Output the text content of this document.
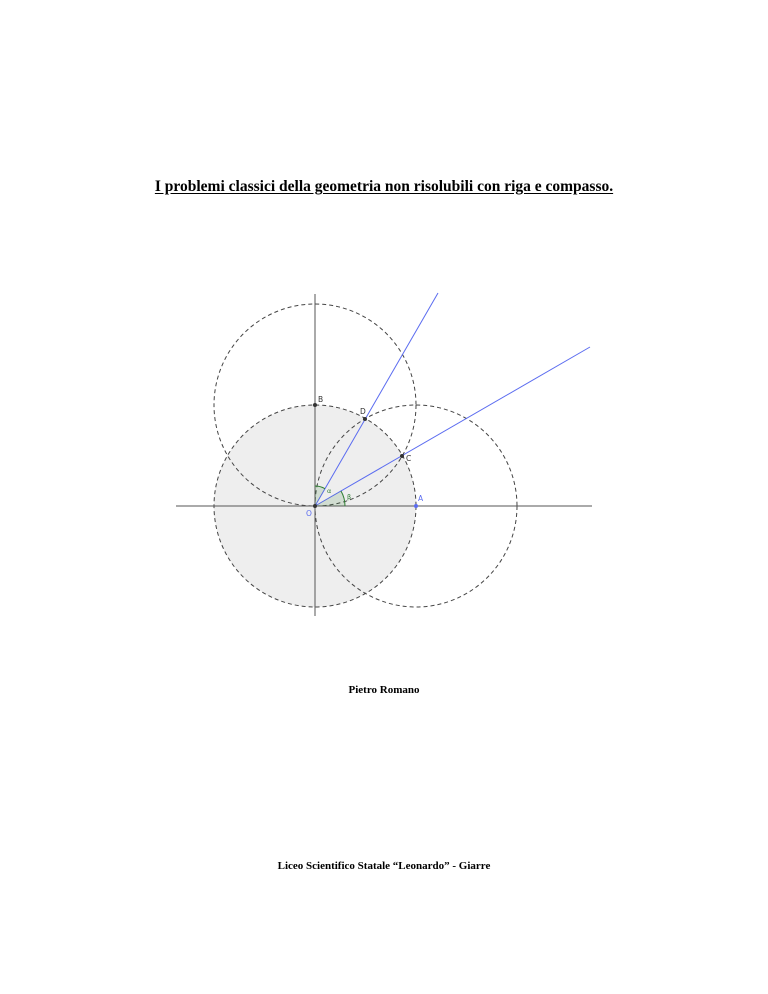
I problemi classici della geometria non risolubili con riga e compasso.
α
β
O
A
B
C
D
Pietro Romano
Liceo Scientifico Statale “Leonardo” - Giarre
